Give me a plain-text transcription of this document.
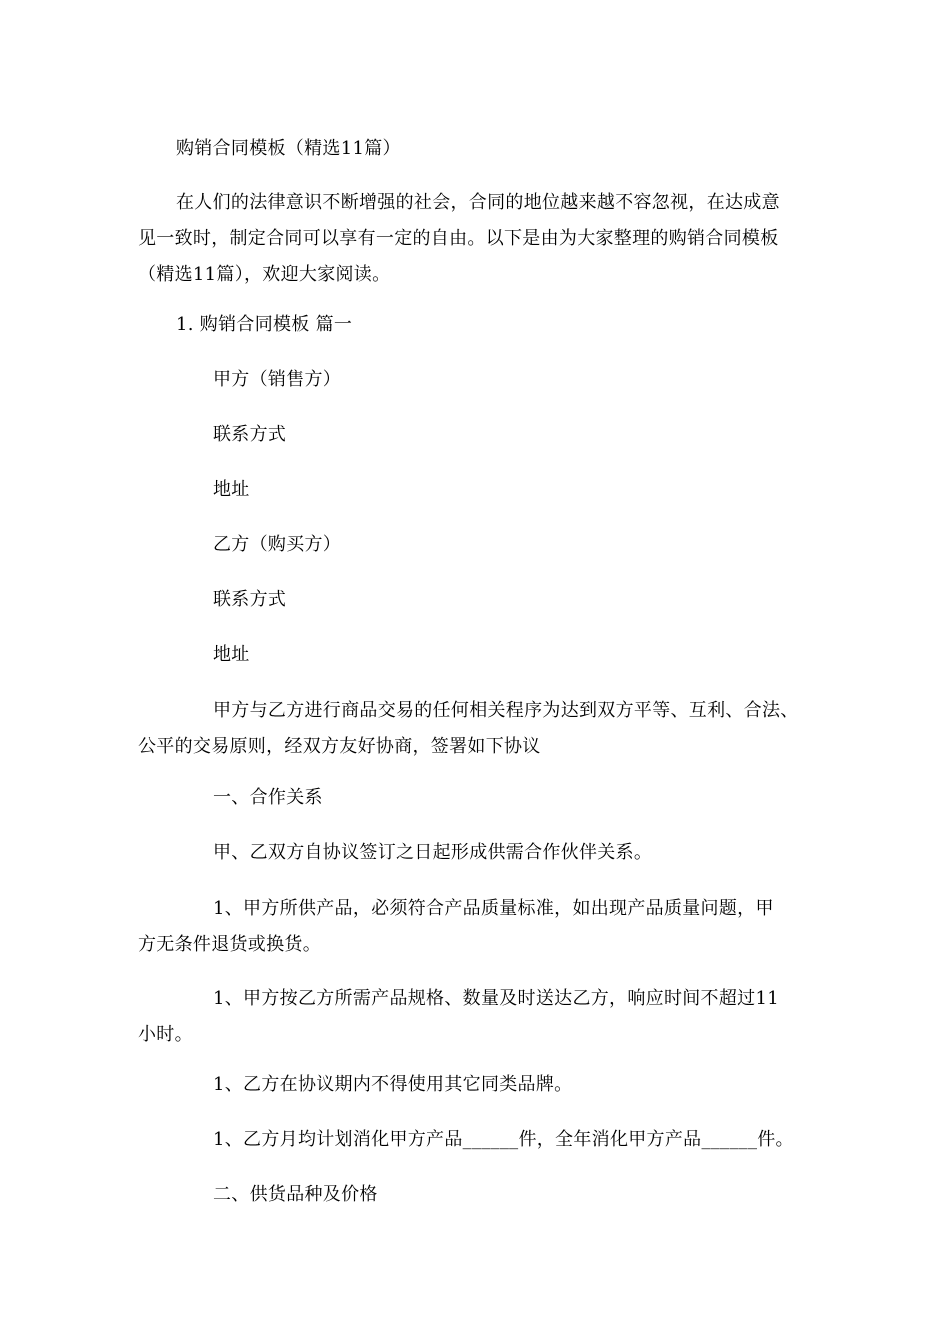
购销合同模板（精选11篇）
在人们的法律意识不断增强的社会，合同的地位越来越不容忽视，在达成意
见一致时，制定合同可以享有一定的自由。以下是由为大家整理的购销合同模板
（精选11篇），欢迎大家阅读。
1. 购销合同模板 篇一
甲方（销售方）
联系方式
地址
乙方（购买方）
联系方式
地址
甲方与乙方进行商品交易的任何相关程序为达到双方平等、互利、合法、
公平的交易原则，经双方友好协商，签署如下协议
一、合作关系
甲、乙双方自协议签订之日起形成供需合作伙伴关系。
1、甲方所供产品，必须符合产品质量标准，如出现产品质量问题，甲
方无条件退货或换货。
1、甲方按乙方所需产品规格、数量及时送达乙方，响应时间不超过11
小时。
1、乙方在协议期内不得使用其它同类品牌。
1、乙方月均计划消化甲方产品______件，全年消化甲方产品______件。
二、供货品种及价格
